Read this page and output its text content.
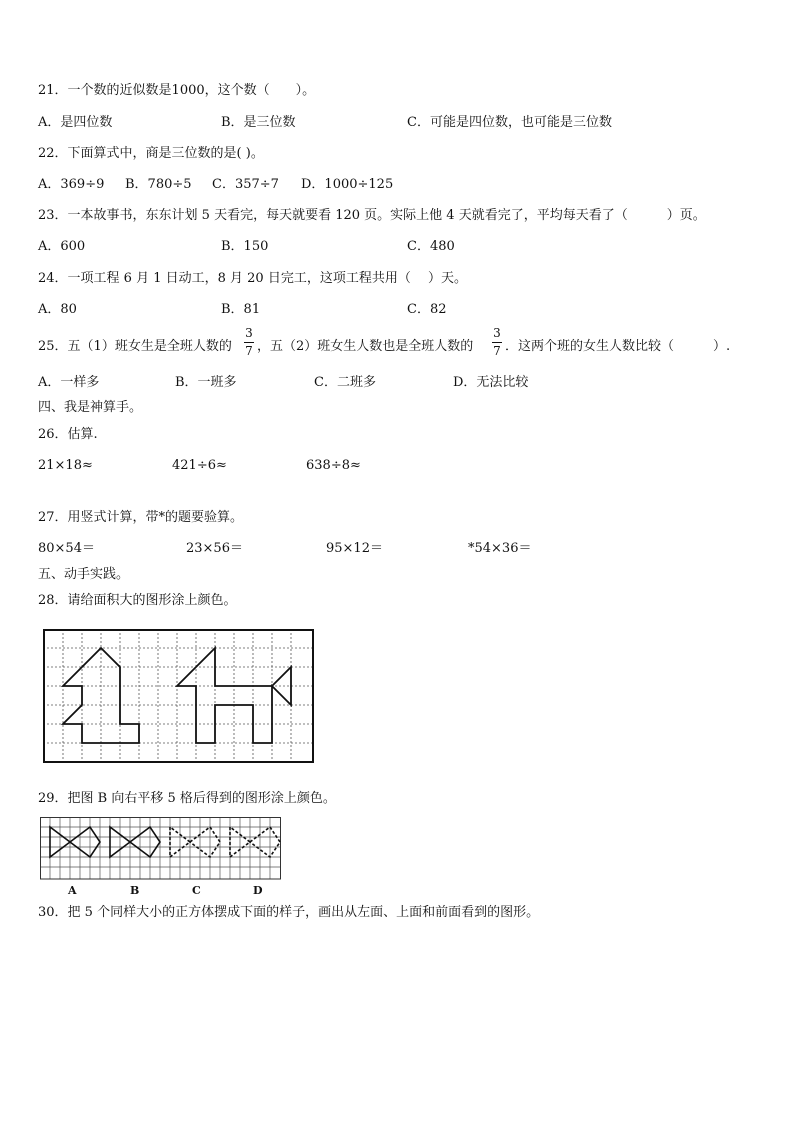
21．一个数的近似数是1000，这个数（　　）。
A．是四位数	B．是三位数	C．可能是四位数，也可能是三位数
22．下面算式中，商是三位数的是( )。
A．369÷9 B．780÷5 C．357÷7 D．1000÷125
23．一本故事书，东东计划 5 天看完，每天就要看 120 页。实际上他 4 天就看完了，平均每天看了（　　　）页。
A．600	B．150	C．480
24．一项工程 6 月 1 日动工，8 月 20 日完工，这项工程共用（　 ）天。
A．80	B．81	C．82
25．五（1）班女生是全班人数的
3
7 ，五（2）班女生人数也是全班人数的
3
7 ．这两个班的女生人数比较（　　　）.
A．一样多	B．一班多	C．二班多	D．无法比较
四、我是神算手。
26．估算.
21×18≈	421÷6≈	638÷8≈
27．用竖式计算，带*的题要验算。
80×54＝	23×56＝	95×12＝	*54×36＝
五、动手实践。
28．请给面积大的图形涂上颜色。
29．把图 B 向右平移 5 格后得到的图形涂上颜色。
A	B	C	D
30．把 5 个同样大小的正方体摆成下面的样子，画出从左面、上面和前面看到的图形。
